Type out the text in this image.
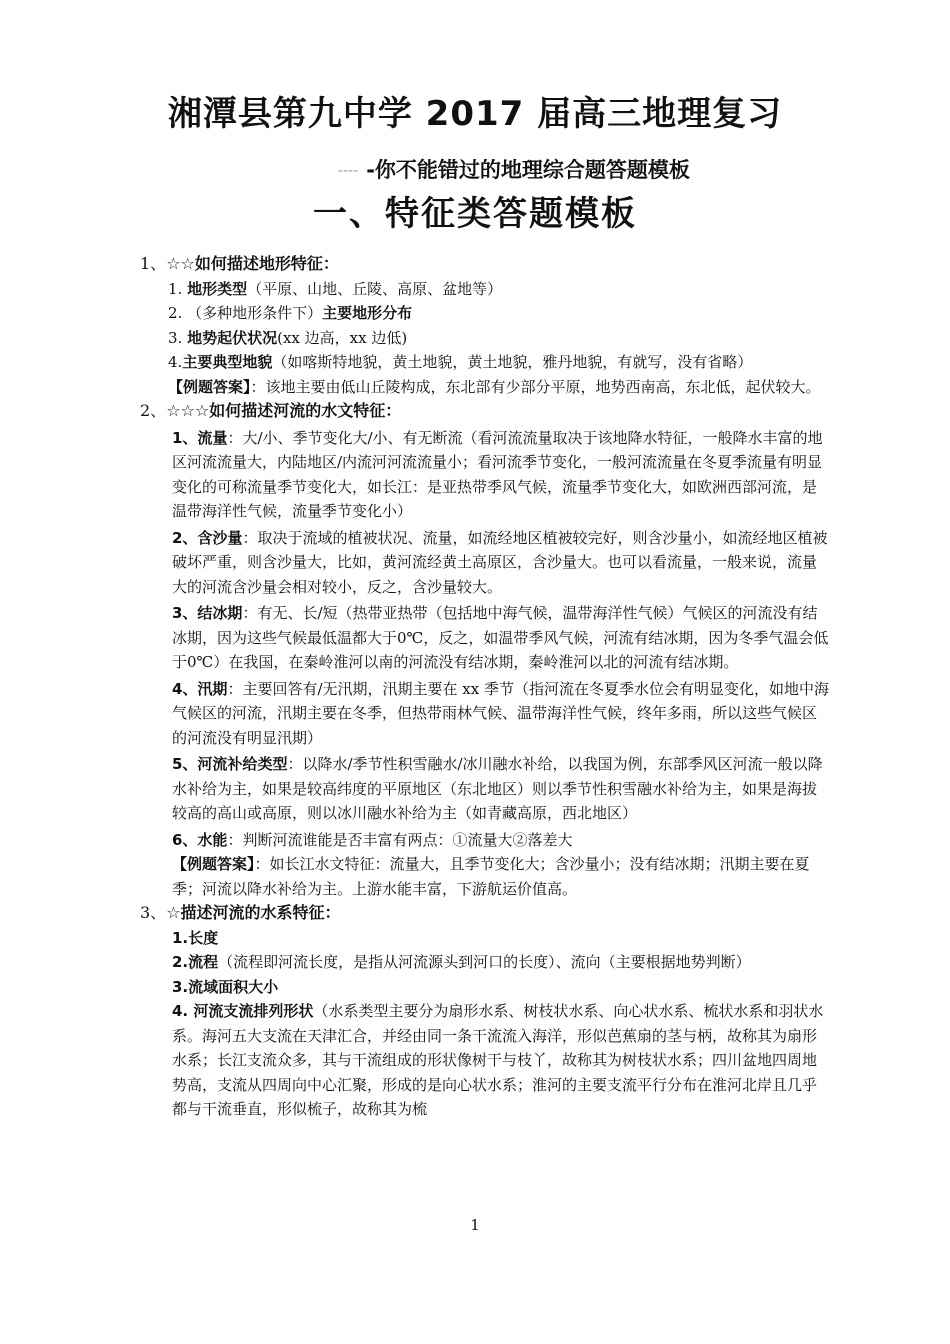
湘潭县第九中学 2017 届高三地理复习
---- -你不能错过的地理综合题答题模板
一、特征类答题模板

1、☆☆如何描述地形特征：

1. 地形类型（平原、山地、丘陵、高原、盆地等）

2. （多种地形条件下）主要地形分布

3. 地势起伏状况(xx 边高，xx 边低)

4.主要典型地貌（如喀斯特地貌，黄土地貌，黄土地貌，雅丹地貌，有就写，没有省略）

【例题答案】：该地主要由低山丘陵构成，东北部有少部分平原，地势西南高，东北低，起伏较大。

2、☆☆☆如何描述河流的水文特征：

1、流量：大/小、季节变化大/小、有无断流（看河流流量取决于该地降水特征，一般降水丰富的地区河流流量大，内陆地区/内流河河流流量小；看河流季节变化，一般河流流量在冬夏季流量有明显变化的可称流量季节变化大，如长江：是亚热带季风气候，流量季节变化大，如欧洲西部河流，是温带海洋性气候，流量季节变化小）

2、含沙量：取决于流域的植被状况、流量，如流经地区植被较完好，则含沙量小，如流经地区植被破坏严重，则含沙量大，比如，黄河流经黄土高原区，含沙量大。也可以看流量，一般来说，流量大的河流含沙量会相对较小，反之，含沙量较大。

3、结冰期：有无、长/短（热带亚热带（包括地中海气候，温带海洋性气候）气候区的河流没有结冰期，因为这些气候最低温都大于0℃，反之，如温带季风气候，河流有结冰期，因为冬季气温会低于0℃）在我国，在秦岭淮河以南的河流没有结冰期，秦岭淮河以北的河流有结冰期。

4、汛期：主要回答有/无汛期，汛期主要在 xx 季节（指河流在冬夏季水位会有明显变化，如地中海气候区的河流，汛期主要在冬季，但热带雨林气候、温带海洋性气候，终年多雨，所以这些气候区的河流没有明显汛期）

5、河流补给类型：以降水/季节性积雪融水/冰川融水补给，以我国为例，东部季风区河流一般以降水补给为主，如果是较高纬度的平原地区（东北地区）则以季节性积雪融水补给为主，如果是海拔较高的高山或高原，则以冰川融水补给为主（如青藏高原，西北地区）

6、水能：判断河流谁能是否丰富有两点：①流量大②落差大

【例题答案】：如长江水文特征：流量大，且季节变化大；含沙量小；没有结冰期；汛期主要在夏季；河流以降水补给为主。上游水能丰富，下游航运价值高。

3、☆描述河流的水系特征：

1.长度

2.流程（流程即河流长度，是指从河流源头到河口的长度）、流向（主要根据地势判断）

3.流域面积大小

4. 河流支流排列形状（水系类型主要分为扇形水系、树枝状水系、向心状水系、梳状水系和羽状水系。海河五大支流在天津汇合，并经由同一条干流流入海洋，形似芭蕉扇的茎与柄，故称其为扇形水系；长江支流众多，其与干流组成的形状像树干与枝丫，故称其为树枝状水系；四川盆地四周地势高，支流从四周向中心汇聚，形成的是向心状水系；淮河的主要支流平行分布在淮河北岸且几乎都与干流垂直，形似梳子，故称其为梳

1
